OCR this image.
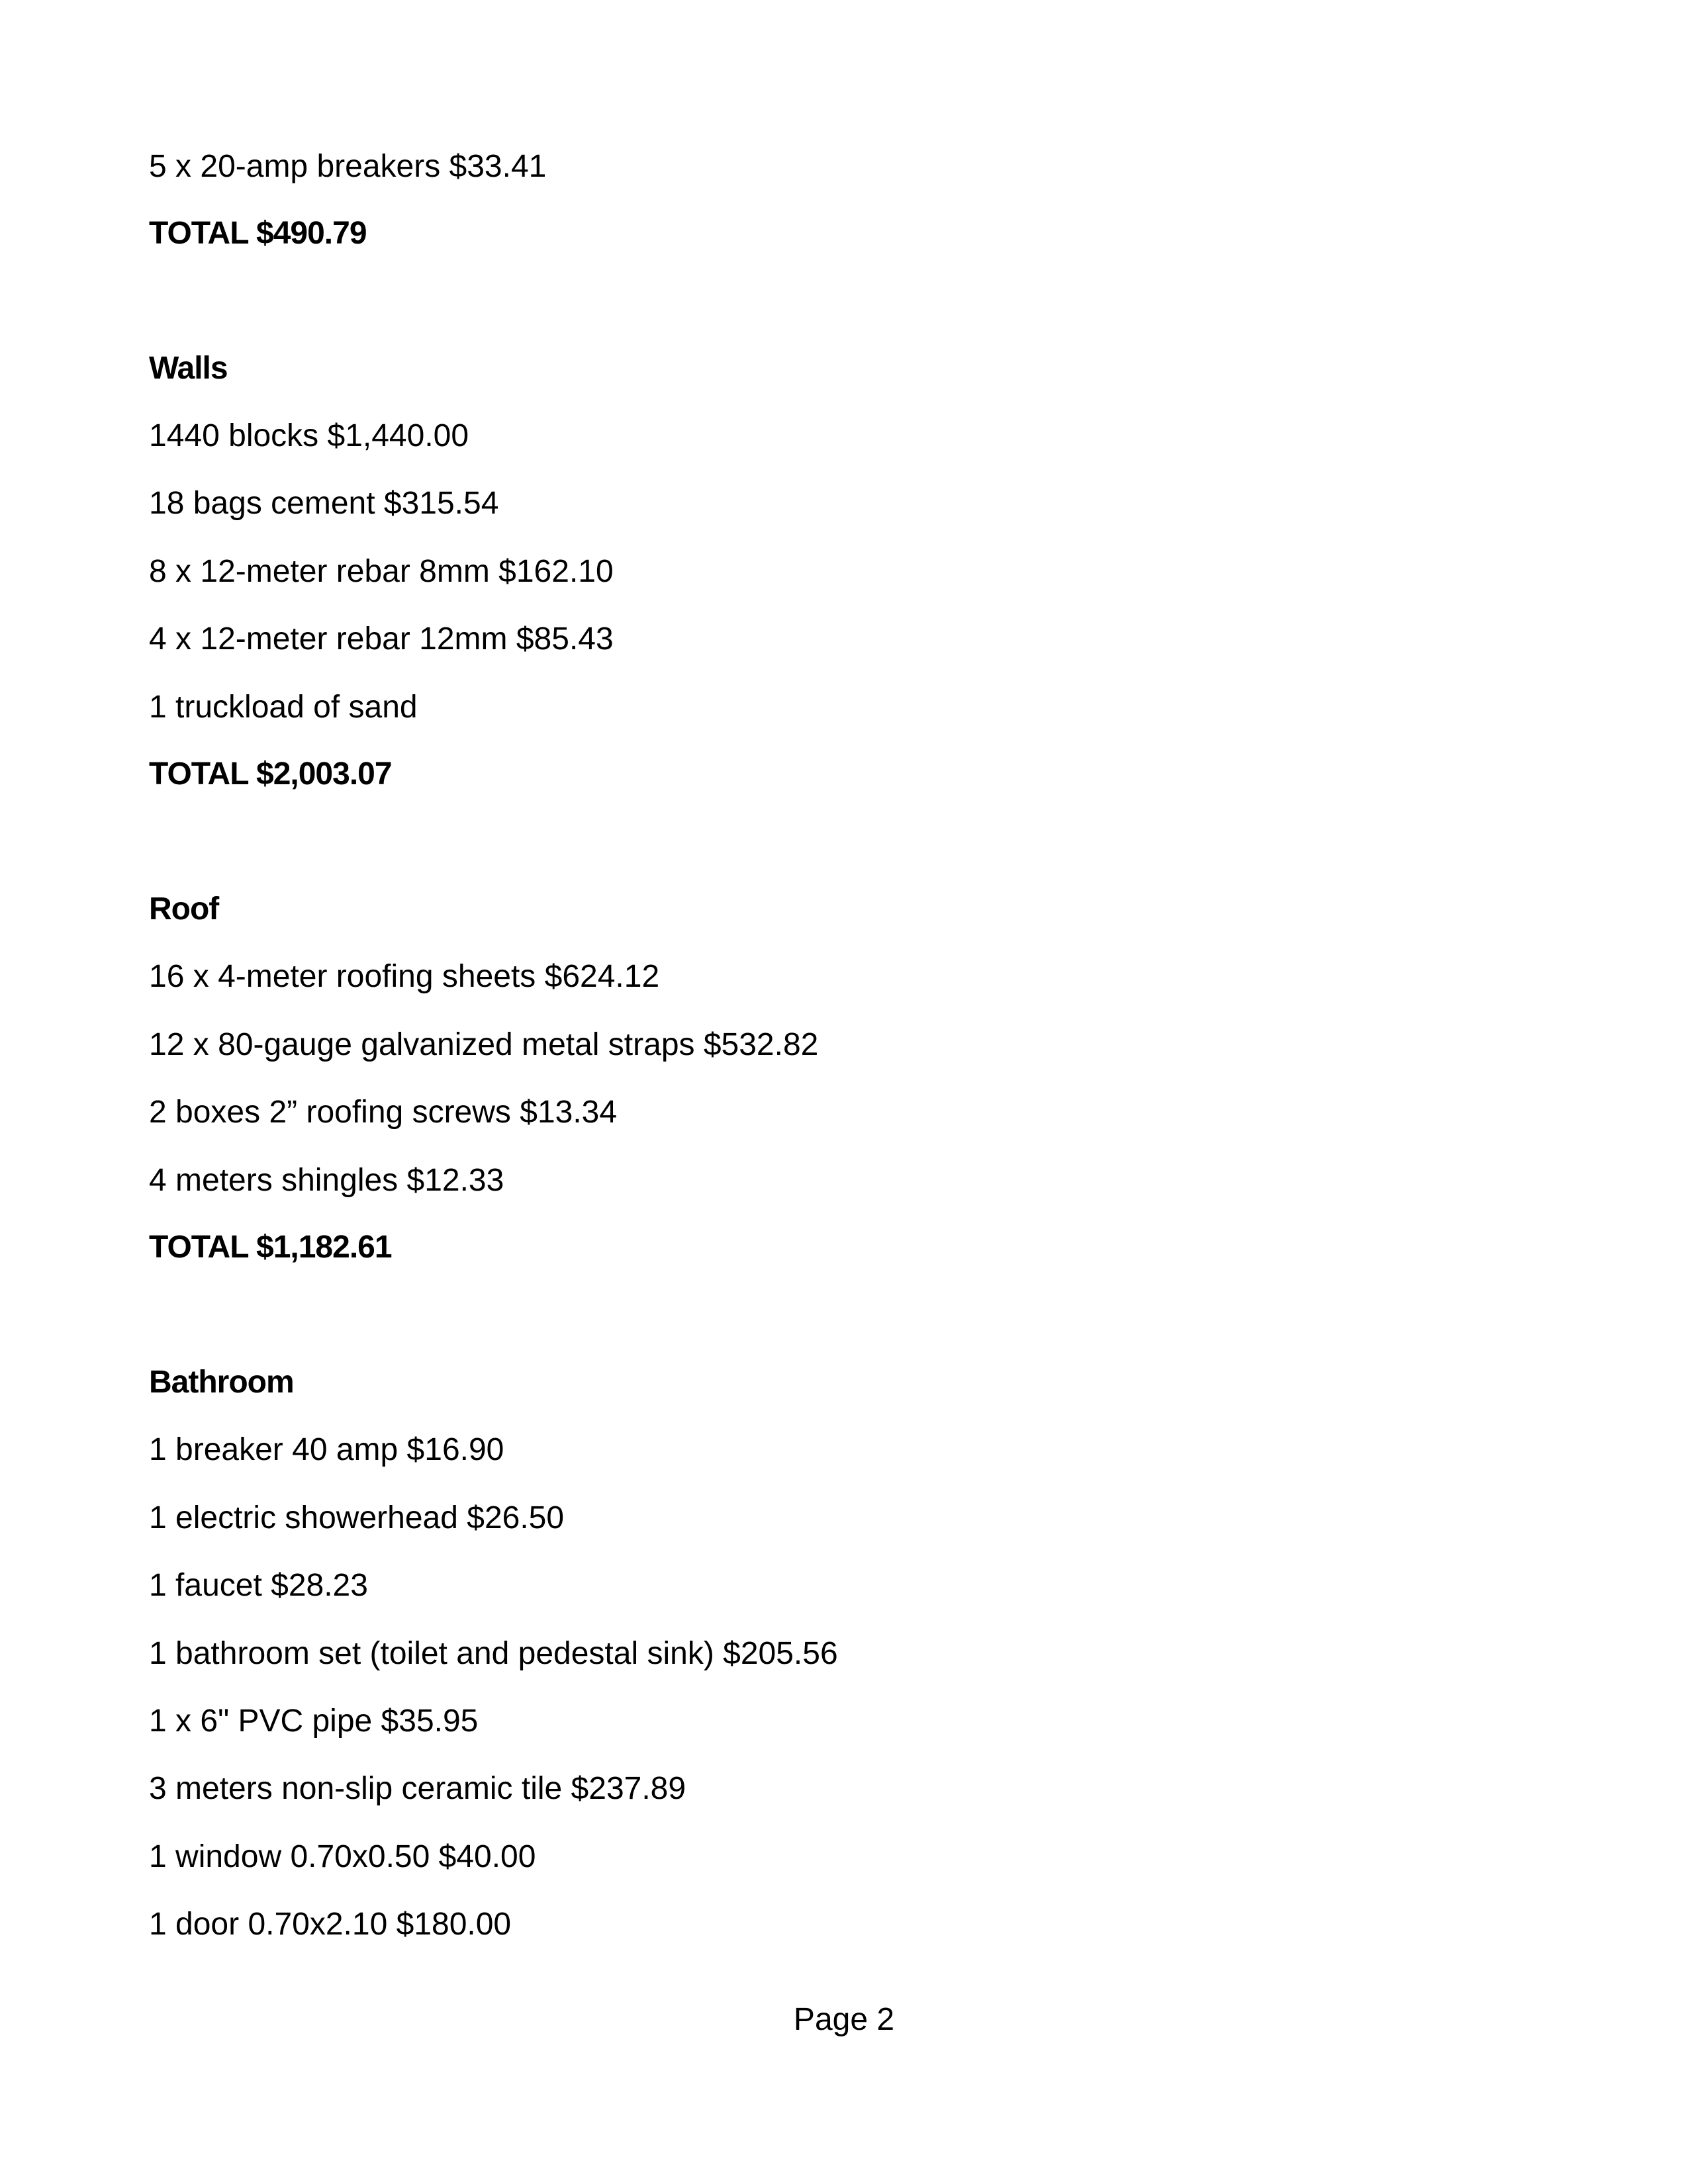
5 x 20-amp breakers $33.41
TOTAL $490.79
Walls
1440 blocks $1,440.00
18 bags cement $315.54
8 x 12-meter rebar 8mm $162.10
4 x 12-meter rebar 12mm $85.43
1 truckload of sand
TOTAL $2,003.07
Roof
16 x 4-meter roofing sheets $624.12
12 x 80-gauge galvanized metal straps $532.82
2 boxes 2” roofing screws $13.34
4 meters shingles $12.33
TOTAL $1,182.61
Bathroom
1 breaker 40 amp $16.90
1 electric showerhead $26.50
1 faucet $28.23
1 bathroom set (toilet and pedestal sink) $205.56
1 x 6" PVC pipe $35.95
3 meters non-slip ceramic tile $237.89
1 window 0.70x0.50 $40.00
1 door 0.70x2.10 $180.00
Page 2
